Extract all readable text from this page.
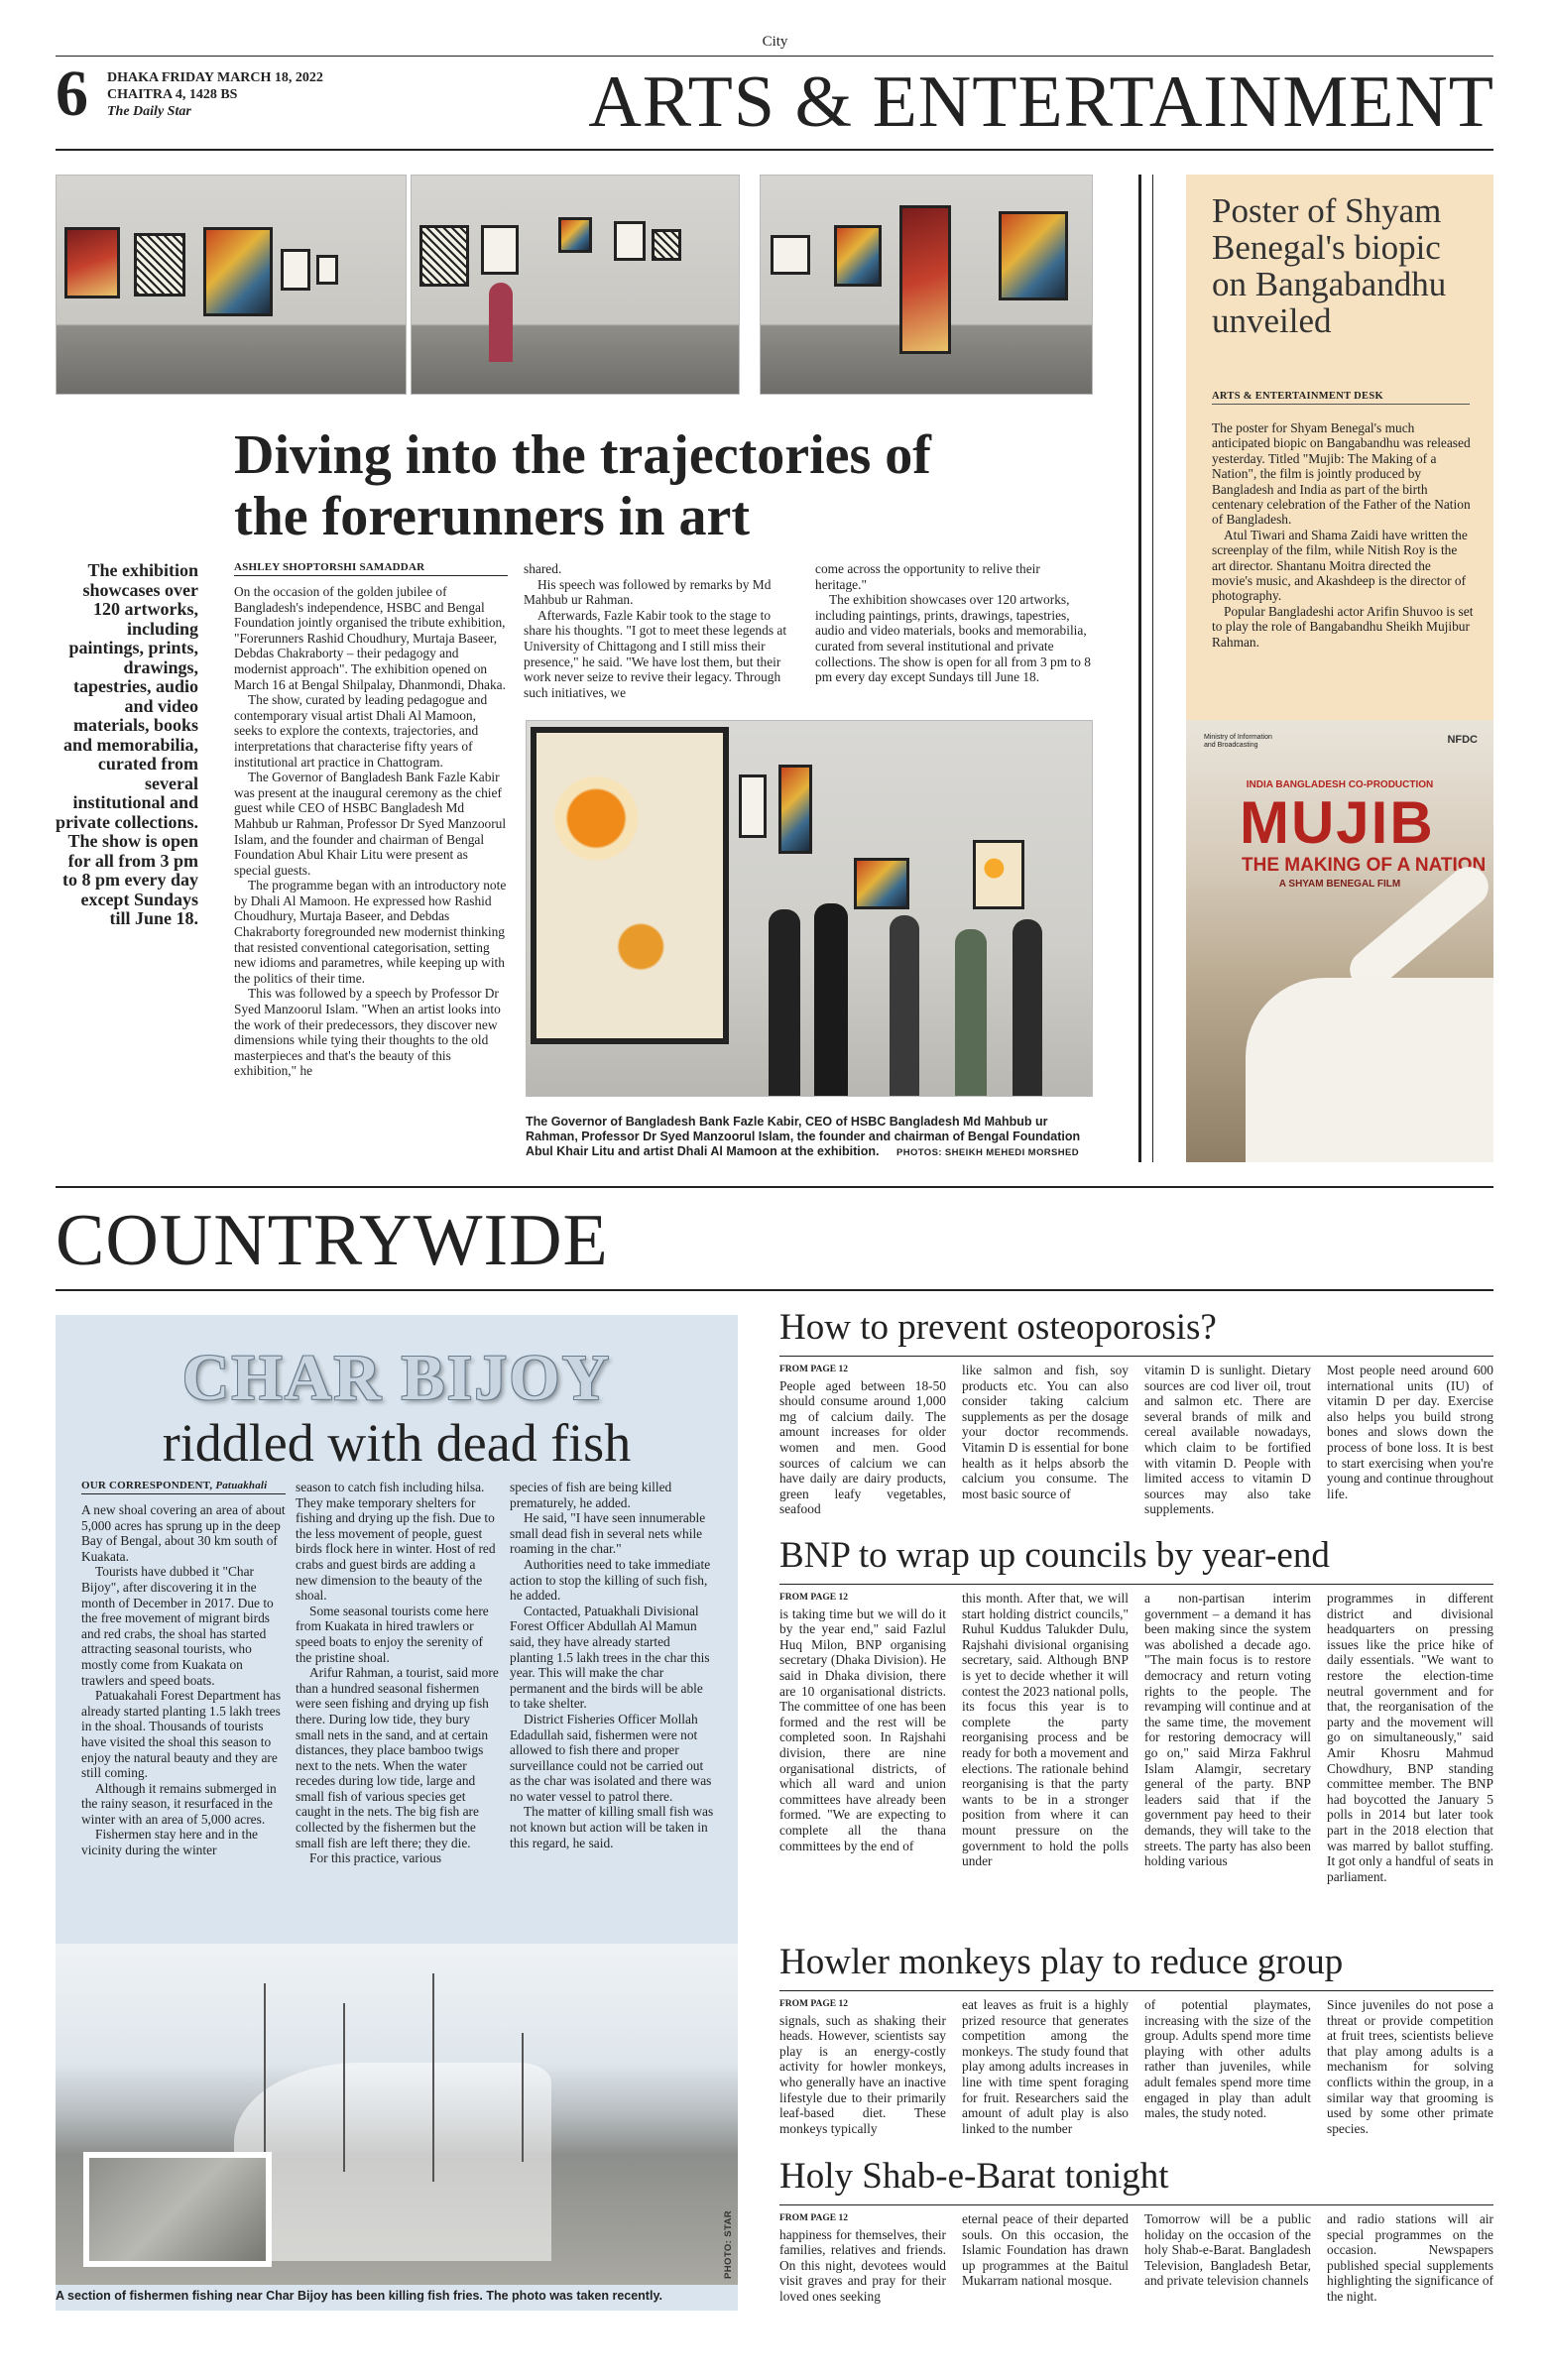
City
6 DHAKA FRIDAY MARCH 18, 2022
CHAITRA 4, 1428 BS
The Daily Star	ARTS & ENTERTAINMENT
Diving into the trajectories of
the forerunners in art
The exhibition showcases over 120 artworks, including paintings, prints, drawings, tapestries, audio and video materials, books and memorabilia, curated from several institutional and private collections. The show is open for all from 3 pm to 8 pm every day except Sundays till June 18.
ASHLEY SHOPTORSHI SAMADDAR

On the occasion of the golden jubilee of Bangladesh's independence, HSBC and Bengal Foundation jointly organised the tribute exhibition, "Forerunners Rashid Choudhury, Murtaja Baseer, Debdas Chakraborty – their pedagogy and modernist approach". The exhibition opened on March 16 at Bengal Shilpalay, Dhanmondi, Dhaka.

The show, curated by leading pedagogue and contemporary visual artist Dhali Al Mamoon, seeks to explore the contexts, trajectories, and interpretations that characterise fifty years of institutional art practice in Chattogram.

The Governor of Bangladesh Bank Fazle Kabir was present at the inaugural ceremony as the chief guest while CEO of HSBC Bangladesh Md Mahbub ur Rahman, Professor Dr Syed Manzoorul Islam, and the founder and chairman of Bengal Foundation Abul Khair Litu were present as special guests.

The programme began with an introductory note by Dhali Al Mamoon. He expressed how Rashid Choudhury, Murtaja Baseer, and Debdas Chakraborty foregrounded new modernist thinking that resisted conventional categorisation, setting new idioms and parametres, while keeping up with the politics of their time.

This was followed by a speech by Professor Dr Syed Manzoorul Islam. "When an artist looks into the work of their predecessors, they discover new dimensions while tying their thoughts to the old masterpieces and that's the beauty of this exhibition," he

shared.

His speech was followed by remarks by Md Mahbub ur Rahman.

Afterwards, Fazle Kabir took to the stage to share his thoughts. "I got to meet these legends at University of Chittagong and I still miss their presence," he said. "We have lost them, but their work never seize to revive their legacy. Through such initiatives, we

come across the opportunity to relive their heritage."

The exhibition showcases over 120 artworks, including paintings, prints, drawings, tapestries, audio and video materials, books and memorabilia, curated from several institutional and private collections. The show is open for all from 3 pm to 8 pm every day except Sundays till June 18.

The Governor of Bangladesh Bank Fazle Kabir, CEO of HSBC Bangladesh Md Mahbub ur Rahman, Professor Dr Syed Manzoorul Islam, the founder and chairman of Bengal Foundation Abul Khair Litu and artist Dhali Al Mamoon at the exhibition. PHOTOS: SHEIKH MEHEDI MORSHED
Poster of Shyam Benegal's biopic on Bangabandhu unveiled
ARTS & ENTERTAINMENT DESK

The poster for Shyam Benegal's much anticipated biopic on Bangabandhu was released yesterday. Titled "Mujib: The Making of a Nation", the film is jointly produced by Bangladesh and India as part of the birth centenary celebration of the Father of the Nation of Bangladesh.

Atul Tiwari and Shama Zaidi have written the screenplay of the film, while Nitish Roy is the art director. Shantanu Moitra directed the movie's music, and Akashdeep is the director of photography.

Popular Bangladeshi actor Arifin Shuvoo is set to play the role of Bangabandhu Sheikh Mujibur Rahman.

Ministry of Information and Broadcasting	NFDC
INDIA BANGLADESH CO-PRODUCTION
MUJIB
THE MAKING OF A NATION
A SHYAM BENEGAL FILM
COUNTRYWIDE
CHAR BIJOY
riddled with dead fish
OUR CORRESPONDENT, Patuakhali

A new shoal covering an area of about 5,000 acres has sprung up in the deep Bay of Bengal, about 30 km south of Kuakata.

Tourists have dubbed it "Char Bijoy", after discovering it in the month of December in 2017. Due to the free movement of migrant birds and red crabs, the shoal has started attracting seasonal tourists, who mostly come from Kuakata on trawlers and speed boats.

Patuakahali Forest Department has already started planting 1.5 lakh trees in the shoal. Thousands of tourists have visited the shoal this season to enjoy the natural beauty and they are still coming.

Although it remains submerged in the rainy season, it resurfaced in the winter with an area of 5,000 acres.

Fishermen stay here and in the vicinity during the winter

season to catch fish including hilsa. They make temporary shelters for fishing and drying up the fish. Due to the less movement of people, guest birds flock here in winter. Host of red crabs and guest birds are adding a new dimension to the beauty of the shoal.

Some seasonal tourists come here from Kuakata in hired trawlers or speed boats to enjoy the serenity of the pristine shoal.

Arifur Rahman, a tourist, said more than a hundred seasonal fishermen were seen fishing and drying up fish there. During low tide, they bury small nets in the sand, and at certain distances, they place bamboo twigs next to the nets. When the water recedes during low tide, large and small fish of various species get caught in the nets. The big fish are collected by the fishermen but the small fish are left there; they die.

For this practice, various

species of fish are being killed prematurely, he added.

He said, "I have seen innumerable small dead fish in several nets while roaming in the char."

Authorities need to take immediate action to stop the killing of such fish, he added.

Contacted, Patuakhali Divisional Forest Officer Abdullah Al Mamun said, they have already started planting 1.5 lakh trees in the char this year. This will make the char permanent and the birds will be able to take shelter.

District Fisheries Officer Mollah Edadullah said, fishermen were not allowed to fish there and proper surveillance could not be carried out as the char was isolated and there was no water vessel to patrol there.

The matter of killing small fish was not known but action will be taken in this regard, he said.

PHOTO: STAR
A section of fishermen fishing near Char Bijoy has been killing fish fries. The photo was taken recently.
How to prevent osteoporosis?
FROM PAGE 12
People aged between 18-50 should consume around 1,000 mg of calcium daily. The amount increases for older women and men. Good sources of calcium we can have daily are dairy products, green leafy vegetables, seafood
like salmon and fish, soy products etc. You can also consider taking calcium supplements as per the dosage your doctor recommends. Vitamin D is essential for bone health as it helps absorb the calcium you consume. The most basic source of
vitamin D is sunlight. Dietary sources are cod liver oil, trout and salmon etc. There are several brands of milk and cereal available nowadays, which claim to be fortified with vitamin D. People with limited access to vitamin D sources may also take supplements.
Most people need around 600 international units (IU) of vitamin D per day. Exercise also helps you build strong bones and slows down the process of bone loss. It is best to start exercising when you're young and continue throughout life.
BNP to wrap up councils by year-end
FROM PAGE 12
is taking time but we will do it by the year end," said Fazlul Huq Milon, BNP organising secretary (Dhaka Division). He said in Dhaka division, there are 10 organisational districts. The committee of one has been formed and the rest will be completed soon. In Rajshahi division, there are nine organisational districts, of which all ward and union committees have already been formed. "We are expecting to complete all the thana committees by the end of
this month. After that, we will start holding district councils," Ruhul Kuddus Talukder Dulu, Rajshahi divisional organising secretary, said. Although BNP is yet to decide whether it will contest the 2023 national polls, its focus this year is to complete the party reorganising process and be ready for both a movement and elections. The rationale behind reorganising is that the party wants to be in a stronger position from where it can mount pressure on the government to hold the polls under
a non-partisan interim government – a demand it has been making since the system was abolished a decade ago. "The main focus is to restore democracy and return voting rights to the people. The revamping will continue and at the same time, the movement for restoring democracy will go on," said Mirza Fakhrul Islam Alamgir, secretary general of the party. BNP leaders said that if the government pay heed to their demands, they will take to the streets. The party has also been holding various
programmes in different district and divisional headquarters on pressing issues like the price hike of daily essentials. "We want to restore the election-time neutral government and for that, the reorganisation of the party and the movement will go on simultaneously," said Amir Khosru Mahmud Chowdhury, BNP standing committee member. The BNP had boycotted the January 5 polls in 2014 but later took part in the 2018 election that was marred by ballot stuffing. It got only a handful of seats in parliament.
Howler monkeys play to reduce group
FROM PAGE 12
signals, such as shaking their heads. However, scientists say play is an energy-costly activity for howler monkeys, who generally have an inactive lifestyle due to their primarily leaf-based diet. These monkeys typically
eat leaves as fruit is a highly prized resource that generates competition among the monkeys. The study found that play among adults increases in line with time spent foraging for fruit. Researchers said the amount of adult play is also linked to the number
of potential playmates, increasing with the size of the group. Adults spend more time playing with other adults rather than juveniles, while adult females spend more time engaged in play than adult males, the study noted.
Since juveniles do not pose a threat or provide competition at fruit trees, scientists believe that play among adults is a mechanism for solving conflicts within the group, in a similar way that grooming is used by some other primate species.
Holy Shab-e-Barat tonight
FROM PAGE 12
happiness for themselves, their families, relatives and friends. On this night, devotees would visit graves and pray for their loved ones seeking
eternal peace of their departed souls. On this occasion, the Islamic Foundation has drawn up programmes at the Baitul Mukarram national mosque.
Tomorrow will be a public holiday on the occasion of the holy Shab-e-Barat. Bangladesh Television, Bangladesh Betar, and private television channels
and radio stations will air special programmes on the occasion. Newspapers published special supplements highlighting the significance of the night.
